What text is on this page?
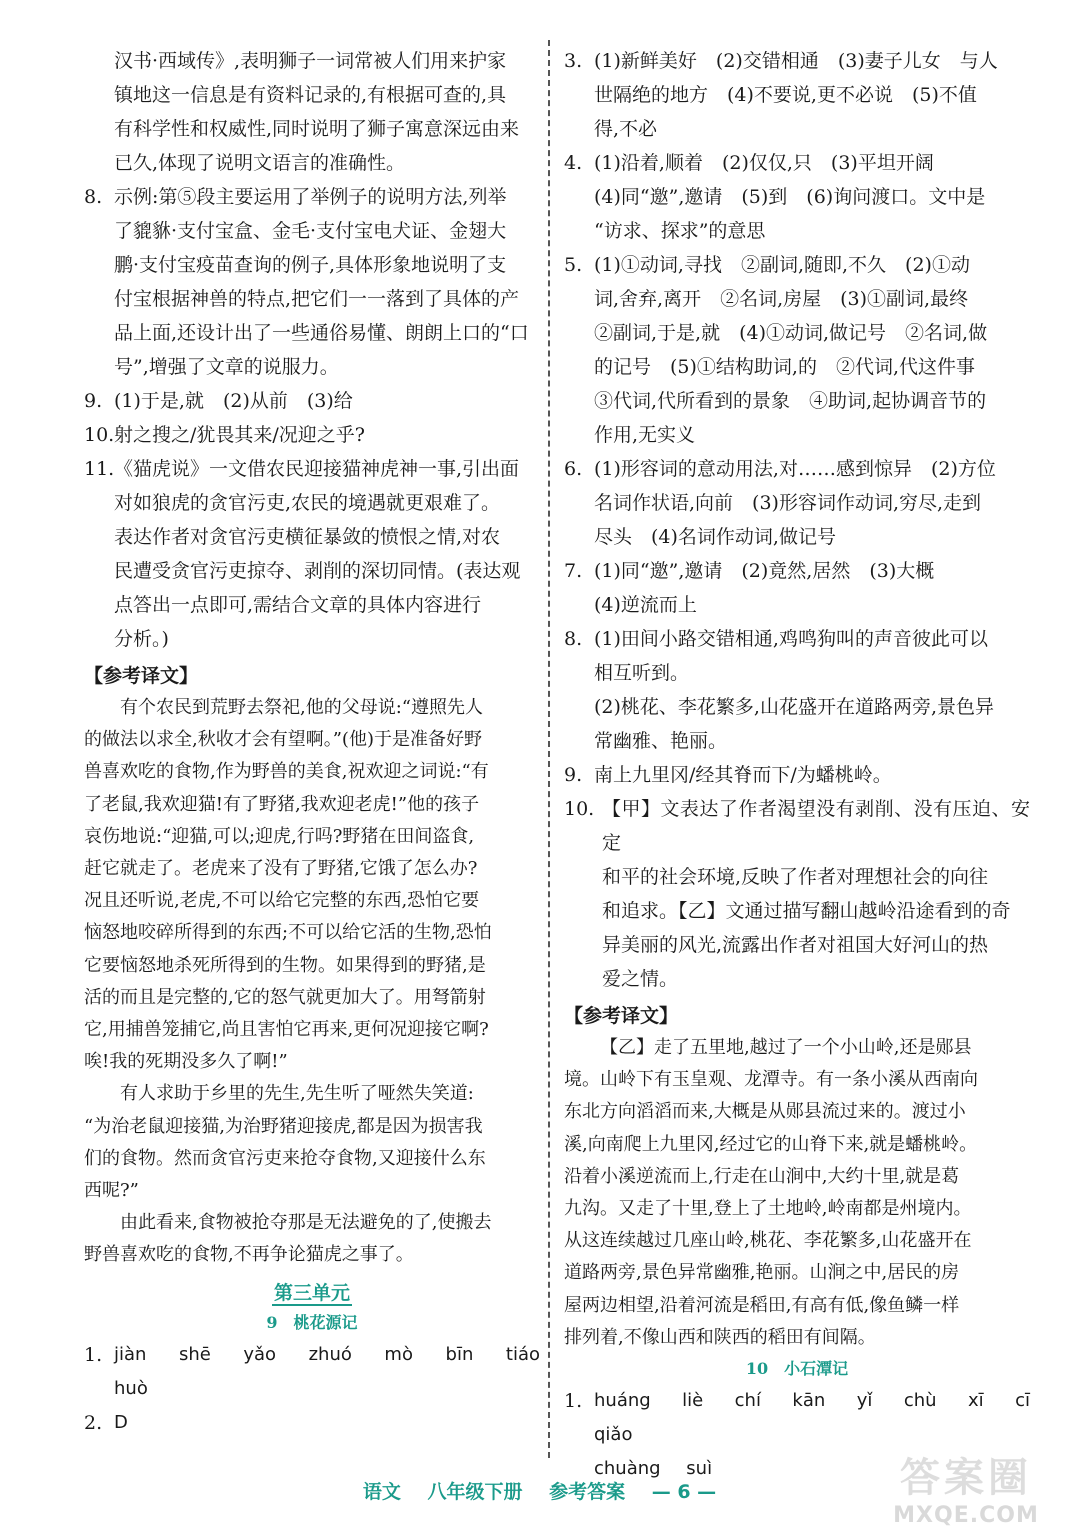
汉书·西域传》,表明狮子一词常被人们用来护家
镇地这一信息是有资料记录的,有根据可查的,具
有科学性和权威性,同时说明了狮子寓意深远由来
已久,体现了说明文语言的准确性。
8. 示例:第⑤段主要运用了举例子的说明方法,列举
了貔貅·支付宝盒、金毛·支付宝电犬证、金翅大
鹏·支付宝疫苗查询的例子,具体形象地说明了支
付宝根据神兽的特点,把它们一一落到了具体的产
品上面,还设计出了一些通俗易懂、朗朗上口的“口
号”,增强了文章的说服力。
9. (1)于是,就　(2)从前　(3)给
10. 射之搜之/犹畏其来/况迎之乎?
11. 《猫虎说》一文借农民迎接猫神虎神一事,引出面
对如狼虎的贪官污吏,农民的境遇就更艰难了。
表达作者对贪官污吏横征暴敛的愤恨之情,对农
民遭受贪官污吏掠夺、剥削的深切同情。(表达观
点答出一点即可,需结合文章的具体内容进行
分析。)
【参考译文】
有个农民到荒野去祭祀,他的父母说:“遵照先人
的做法以求全,秋收才会有望啊。”(他)于是准备好野
兽喜欢吃的食物,作为野兽的美食,祝欢迎之词说:“有
了老鼠,我欢迎猫!有了野猪,我欢迎老虎!”他的孩子
哀伤地说:“迎猫,可以;迎虎,行吗?野猪在田间盗食,
赶它就走了。老虎来了没有了野猪,它饿了怎么办?
况且还听说,老虎,不可以给它完整的东西,恐怕它要
恼怒地咬碎所得到的东西;不可以给它活的生物,恐怕
它要恼怒地杀死所得到的生物。如果得到的野猪,是
活的而且是完整的,它的怒气就更加大了。用弩箭射
它,用捕兽笼捕它,尚且害怕它再来,更何况迎接它啊?
唉!我的死期没多久了啊!”
有人求助于乡里的先生,先生听了哑然失笑道:
“为治老鼠迎接猫,为治野猪迎接虎,都是因为损害我
们的食物。然而贪官污吏来抢夺食物,又迎接什么东
西呢?”
由此看来,食物被抢夺那是无法避免的了,使搬去
野兽喜欢吃的食物,不再争论猫虎之事了。
第三单元
9　桃花源记
1. jiàn shē yǎo zhuó mò bīn tiáo huò
2. D
3. (1)新鲜美好　(2)交错相通　(3)妻子儿女　与人
世隔绝的地方　(4)不要说,更不必说　(5)不值
得,不必
4. (1)沿着,顺着　(2)仅仅,只　(3)平坦开阔
(4)同“邀”,邀请　(5)到　(6)询问渡口。文中是
“访求、探求”的意思
5. (1)①动词,寻找　②副词,随即,不久　(2)①动
词,舍弃,离开　②名词,房屋　(3)①副词,最终
②副词,于是,就　(4)①动词,做记号　②名词,做
的记号　(5)①结构助词,的　②代词,代这件事
③代词,代所看到的景象　④助词,起协调音节的
作用,无实义
6. (1)形容词的意动用法,对……感到惊异　(2)方位
名词作状语,向前　(3)形容词作动词,穷尽,走到
尽头　(4)名词作动词,做记号
7. (1)同“邀”,邀请　(2)竟然,居然　(3)大概
(4)逆流而上
8. (1)田间小路交错相通,鸡鸣狗叫的声音彼此可以
相互听到。
(2)桃花、李花繁多,山花盛开在道路两旁,景色异
常幽雅、艳丽。
9. 南上九里冈/经其脊而下/为蟠桃岭。
10. 【甲】文表达了作者渴望没有剥削、没有压迫、安定
和平的社会环境,反映了作者对理想社会的向往
和追求。【乙】文通过描写翻山越岭沿途看到的奇
异美丽的风光,流露出作者对祖国大好河山的热
爱之情。
【参考译文】
【乙】走了五里地,越过了一个小山岭,还是郧县
境。山岭下有玉皇观、龙潭寺。有一条小溪从西南向
东北方向滔滔而来,大概是从郧县流过来的。渡过小
溪,向南爬上九里冈,经过它的山脊下来,就是蟠桃岭。
沿着小溪逆流而上,行走在山涧中,大约十里,就是葛
九沟。又走了十里,登上了土地岭,岭南都是州境内。
从这连续越过几座山岭,桃花、李花繁多,山花盛开在
道路两旁,景色异常幽雅,艳丽。山涧之中,居民的房
屋两边相望,沿着河流是稻田,有高有低,像鱼鳞一样
排列着,不像山西和陕西的稻田有间隔。
10　小石潭记
1. huáng liè chí kān yǐ chù xī cī qiǎo
chuàng suì
语文 八年级下册 参考答案 — 6 —	答案圈
MXQE.COM
